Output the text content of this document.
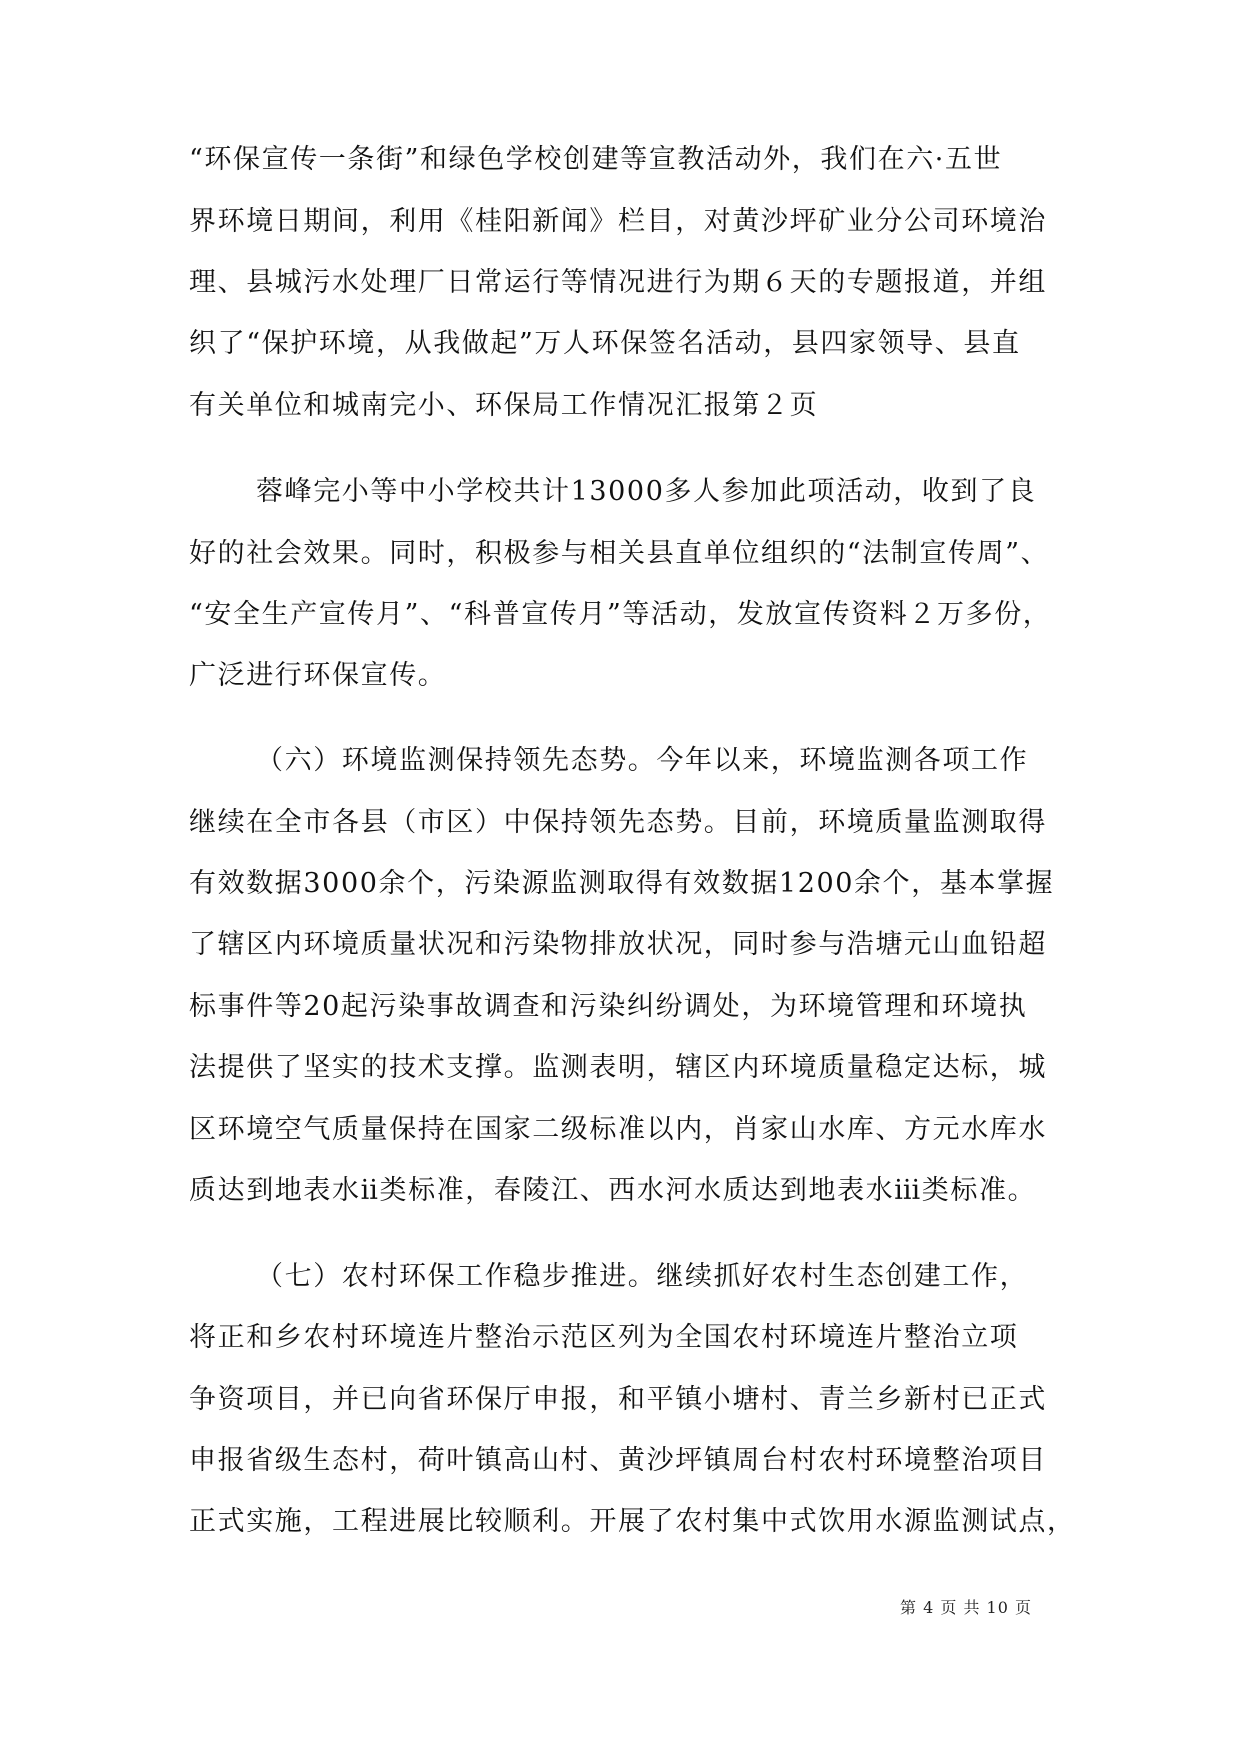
“环保宣传一条街”和绿色学校创建等宣教活动外，我们在六·五世
界环境日期间，利用《桂阳新闻》栏目，对黄沙坪矿业分公司环境治
理、县城污水处理厂日常运行等情况进行为期６天的专题报道，并组
织了“保护环境，从我做起”万人环保签名活动，县四家领导、县直
有关单位和城南完小、环保局工作情况汇报第２页
蓉峰完小等中小学校共计13000多人参加此项活动，收到了良
好的社会效果。同时，积极参与相关县直单位组织的“法制宣传周”、
“安全生产宣传月”、“科普宣传月”等活动，发放宣传资料２万多份，
广泛进行环保宣传。
（六）环境监测保持领先态势。今年以来，环境监测各项工作
继续在全市各县（市区）中保持领先态势。目前，环境质量监测取得
有效数据3000余个，污染源监测取得有效数据1200余个，基本掌握
了辖区内环境质量状况和污染物排放状况，同时参与浩塘元山血铅超
标事件等20起污染事故调查和污染纠纷调处，为环境管理和环境执
法提供了坚实的技术支撑。监测表明，辖区内环境质量稳定达标，城
区环境空气质量保持在国家二级标准以内，肖家山水库、方元水库水
质达到地表水ⅱ类标准，春陵江、西水河水质达到地表水ⅲ类标准。
（七）农村环保工作稳步推进。继续抓好农村生态创建工作，
将正和乡农村环境连片整治示范区列为全国农村环境连片整治立项
争资项目，并已向省环保厅申报，和平镇小塘村、青兰乡新村已正式
申报省级生态村，荷叶镇高山村、黄沙坪镇周台村农村环境整治项目
正式实施，工程进展比较顺利。开展了农村集中式饮用水源监测试点，
第 4 页 共 10 页
